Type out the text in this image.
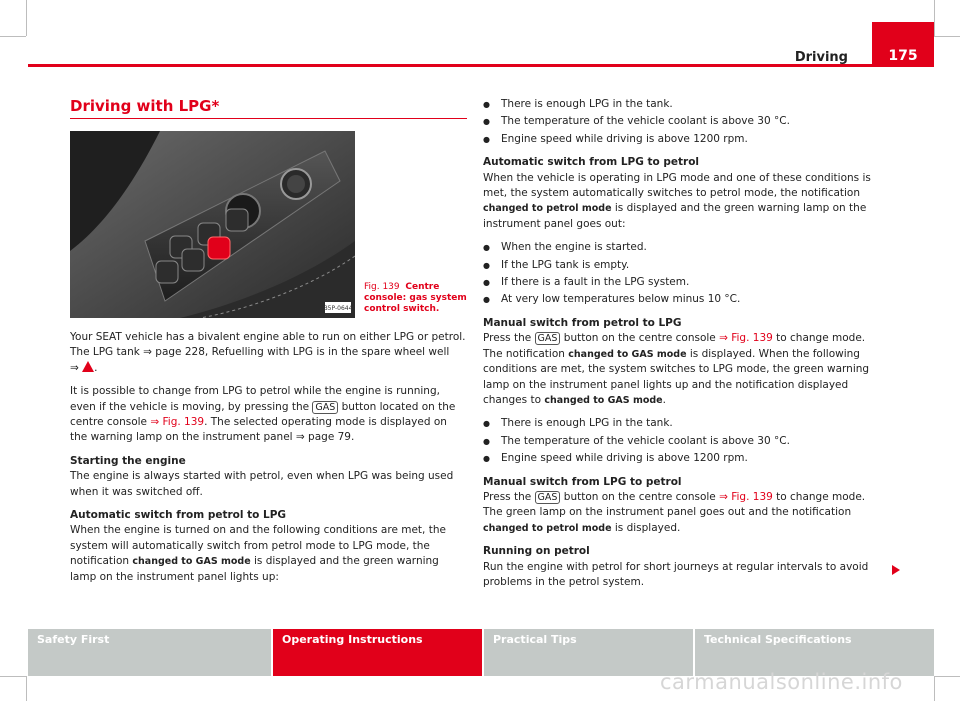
Driving	175
Driving with LPG*
B5P-0644
Fig. 139 Centre console: gas system control switch.

Your SEAT vehicle has a bivalent engine able to run on either LPG or petrol. The LPG tank ⇒ page 228, Refuelling with LPG is in the spare wheel well
⇒ .

It is possible to change from LPG to petrol while the engine is running, even if the vehicle is moving, by pressing the GAS button located on the centre console ⇒ Fig. 139. The selected operating mode is displayed on the warning lamp on the instrument panel ⇒ page 79.

Starting the engine

The engine is always started with petrol, even when LPG was being used when it was switched off.

Automatic switch from petrol to LPG

When the engine is turned on and the following conditions are met, the system will automatically switch from petrol mode to LPG mode, the notification changed to GAS mode is displayed and the green warning lamp on the instrument panel lights up:

● There is enough LPG in the tank.
● The temperature of the vehicle coolant is above 30 °C.
● Engine speed while driving is above 1200 rpm.

Automatic switch from LPG to petrol

When the vehicle is operating in LPG mode and one of these conditions is met, the system automatically switches to petrol mode, the notification changed to petrol mode is displayed and the green warning lamp on the instrument panel goes out:

● When the engine is started.
● If the LPG tank is empty.
● If there is a fault in the LPG system.
● At very low temperatures below minus 10 °C.

Manual switch from petrol to LPG

Press the GAS button on the centre console ⇒ Fig. 139 to change mode. The notification changed to GAS mode is displayed. When the following conditions are met, the system switches to LPG mode, the green warning lamp on the instrument panel lights up and the notification displayed changes to changed to GAS mode.

● There is enough LPG in the tank.
● The temperature of the vehicle coolant is above 30 °C.
● Engine speed while driving is above 1200 rpm.

Manual switch from LPG to petrol

Press the GAS button on the centre console ⇒ Fig. 139 to change mode. The green lamp on the instrument panel goes out and the notification changed to petrol mode is displayed.

Running on petrol

Run the engine with petrol for short journeys at regular intervals to avoid problems in the petrol system.

Safety First	Operating Instructions	Practical Tips	Technical Specifications
carmanualsonline.info
